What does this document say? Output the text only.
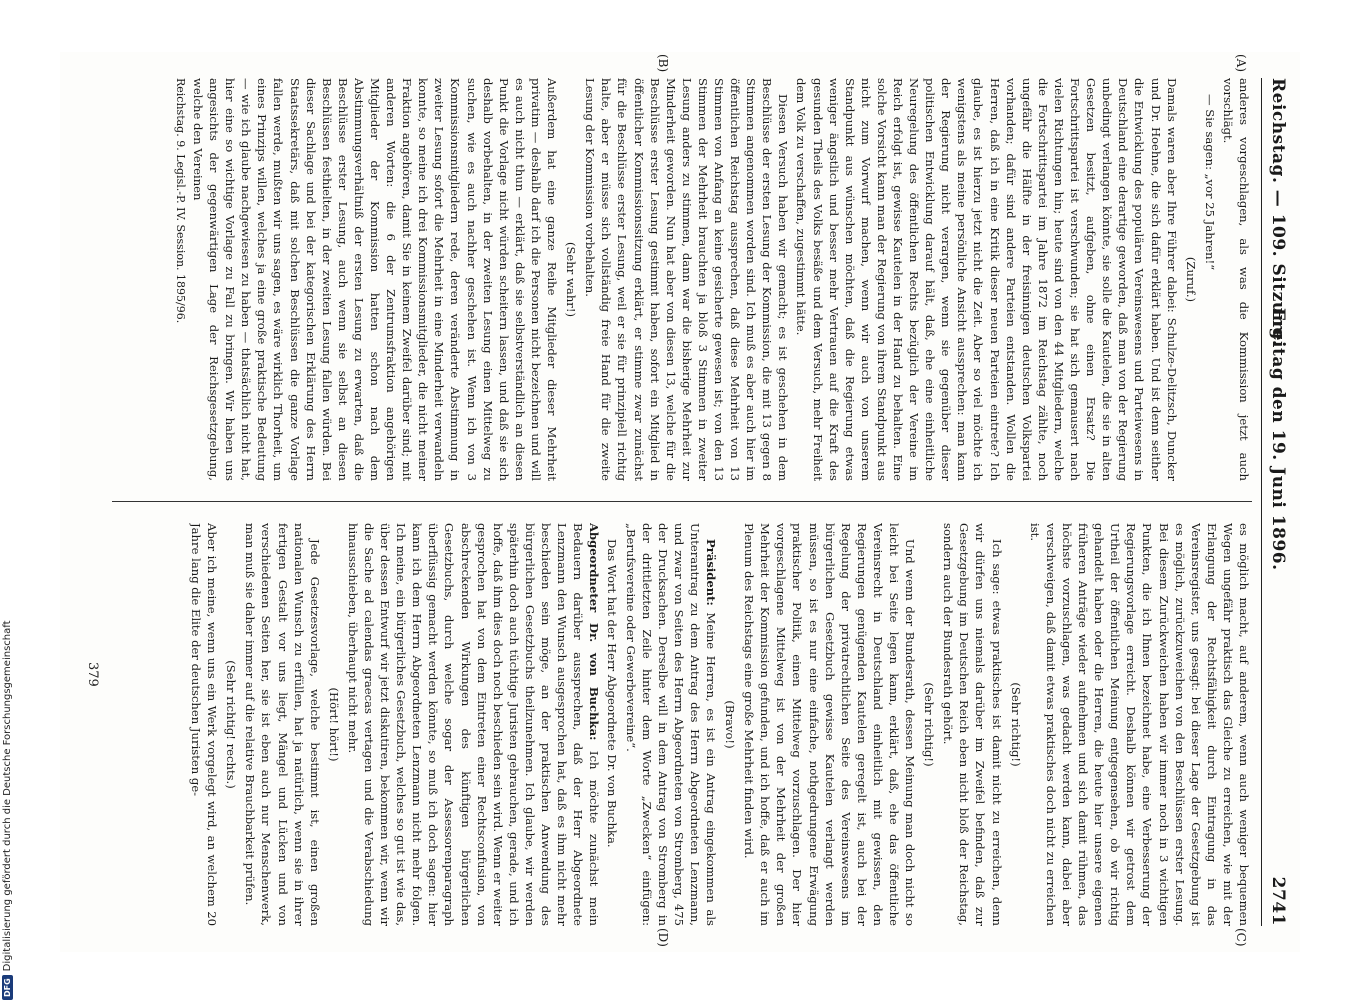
Reichstag. — 109. Sitzung.
Freitag den 19. Juni 1896.
2741
(A)
(B)
(C)
(D)

anderes vorgeschlagen, als was die Kommission jetzt auch vorschlägt.

— Sie sagen: „vor 25 Jahren!“

(Zuruf.)

Damals waren aber Ihre Führer dabei: Schulze-Delitzsch, Duncker und Dr. Hoehne, die sich dafür erklärt haben. Und ist denn seither die Entwicklung des populären Vereinswesens und Parteiwesens in Deutschland eine derartige geworden, daß man von der Regierung unbedingt verlangen könnte, sie solle die Kautelen, die sie in alten Gesetzen besitzt, aufgeben, ohne einen Ersatz? Die Fortschrittspartei ist verschwunden; sie hat sich gemausert nach vielen Richtungen hin; heute sind von den 44 Mitgliedern, welche die Fortschrittspartei im Jahre 1872 im Reichstag zählte, noch ungefähr die Hälfte in der freisinnigen deutschen Volkspartei vorhanden; dafür sind andere Parteien entstanden. Wollen die Herren, daß ich in eine Kritik dieser neuen Parteien eintrete? Ich glaube, es ist hierzu jetzt nicht die Zeit. Aber so viel möchte ich wenigstens als meine persönliche Ansicht aussprechen: man kann der Regierung nicht verargen, wenn sie gegenüber dieser politischen Entwicklung darauf hält, daß, ehe eine einheitliche Neuregelung des öffentlichen Rechts bezüglich der Vereine im Reich erfolgt ist, gewisse Kautelen in der Hand zu behalten. Eine solche Vorsicht kann man der Regierung von ihrem Standpunkt aus nicht zum Vorwurf machen, wenn wir auch von unserem Standpunkt aus wünschen möchten, daß die Regierung etwas weniger ängstlich und besser mehr Vertrauen auf die Kraft des gesunden Theils des Volks besäße und dem Versuch, mehr Freiheit dem Volk zu verschaffen, zugestimmt hätte.

Diesen Versuch haben wir gemacht; es ist geschehen in dem Beschlüsse der ersten Lesung der Kommission, die mit 13 gegen 8 Stimmen angenommen worden sind. Ich muß es aber auch hier im öffentlichen Reichstag aussprechen, daß diese Mehrheit von 13 Stimmen von Anfang an keine gesicherte gewesen ist; von den 13 Stimmen der Mehrheit brauchten ja bloß 3 Stimmen in zweiter Lesung anders zu stimmen, dann war die bisherige Mehrheit zur Minderheit geworden. Nun hat aber von diesen 13, welche für die Beschlüsse erster Lesung gestimmt haben, sofort ein Mitglied in öffentlicher Kommissionssitzung erklärt, er stimme zwar zunächst für die Beschlüsse erster Lesung, weil er sie für prinzipiell richtig halte, aber er müsse sich vollständig freie Hand für die zweite Lesung der Kommission vorbehalten.

(Sehr wahr!)

Außerdem hat eine ganze Reihe Mitglieder dieser Mehrheit privatim — deshalb darf ich die Personen nicht bezeichnen und will es auch nicht thun — erklärt, daß sie selbstverständlich an diesen Punkt die Vorlage nicht würden scheitern lassen, und daß sie sich deshalb vorbehalten, in der zweiten Lesung einen Mittelweg zu suchen, wie es auch nachher geschehen ist. Wenn ich von 3 Kommissionsmitgliedern rede, deren veränderte Abstimmung in zweiter Lesung sofort die Mehrheit in eine Minderheit verwandeln konnte, so meine ich drei Kommissionsmitglieder, die nicht meiner Fraktion angehören, damit Sie in keinem Zweifel darüber sind; mit anderen Worten: die 6 der Zentrumsfraktion angehörigen Mitglieder der Kommission hatten schon nach dem Abstimmungsverhältniß der ersten Lesung zu erwarten, daß die Beschlüsse erster Lesung, auch wenn sie selbst an diesen Beschlüssen festhielten, in der zweiten Lesung fallen würden. Bei dieser Sachlage und bei der kategorischen Erklärung des Herrn Staatssekretärs, daß mit solchen Beschlüssen die ganze Vorlage fallen werde, mußten wir uns sagen, es wäre wirklich Thorheit, um eines Prinzips willen, welches ja eine große praktische Bedeutung — wie ich glaube nachgewiesen zu haben — thatsächlich nicht hat, hier eine so wichtige Vorlage zu Fall zu bringen. Wir haben uns angesichts der gegenwärtigen Lage der Reichsgesetzgebung, welche den Vereinen

Reichstag. 9. Legisl.-P. IV. Session. 1895/96.

es möglich macht, auf anderem, wenn auch weniger bequemen Wegen ungefähr praktisch das Gleiche zu erreichen, wie mit der Erlangung der Rechtsfähigkeit durch Eintragung in das Vereinsregister, uns gesagt: bei dieser Lage der Gesetzgebung ist es möglich, zurückzuweichen von den Beschlüssen erster Lesung. Bei diesem Zurückweichen haben wir immer noch in 3 wichtigen Punkten, die ich Ihnen bezeichnet habe, eine Verbesserung der Regierungsvorlage erreicht. Deshalb können wir getrost dem Urtheil der öffentlichen Meinung entgegensehen, ob wir richtig gehandelt haben oder die Herren, die heute hier unsere eigenen früheren Anträge wieder aufnehmen und sich damit rühmen, das höchste vorzuschlagen, was gedacht werden kann, dabei aber verschweigen, daß damit etwas praktisches doch nicht zu erreichen ist.

(Sehr richtig!)

Ich sage: etwas praktisches ist damit nicht zu erreichen, denn wir dürfen uns niemals darüber im Zweifel befinden, daß zur Gesetzgebung im Deutschen Reich eben nicht bloß der Reichstag, sondern auch der Bundesrath gehört.

(Sehr richtig!)

Und wenn der Bundesrath, dessen Meinung man doch nicht so leicht bei Seite legen kann, erklärt, daß, ehe das öffentliche Vereinsrecht in Deutschland einheitlich mit gewissen, den Regierungen genügenden Kautelen geregelt ist, auch bei der Regelung der privatrechtlichen Seite des Vereinswesens im bürgerlichen Gesetzbuch gewisse Kautelen verlangt werden müssen, so ist es nur eine einfache, nothgedrungene Erwägung praktischer Politik, einen Mittelweg vorzuschlagen. Der hier vorgeschlagene Mittelweg ist von der Mehrheit der großen Mehrheit der Kommission gefunden, und ich hoffe, daß er auch im Plenum des Reichstags eine große Mehrheit finden wird.

(Bravo!)

Präsident: Meine Herren, es ist ein Antrag eingekommen als Unterantrag zu dem Antrag des Herrn Abgeordneten Lenzmann, und zwar von Seiten des Herrn Abgeordneten von Stromberg, 475 der Drucksachen. Derselbe will in dem Antrag von Stromberg in der drittletzten Zeile hinter dem Worte „Zwecken“ einfügen: „Berufsvereine oder Gewerbevereine“.

Das Wort hat der Herr Abgeordnete Dr. von Buchka.

Abgeordneter Dr. von Buchka: Ich möchte zunächst mein Bedauern darüber aussprechen, daß der Herr Abgeordnete Lenzmann den Wunsch ausgesprochen hat, daß es ihm nicht mehr beschieden sein möge, an der praktischen Anwendung des bürgerlichen Gesetzbuchs theilzunehmen. Ich glaube, wir werden späterhin doch auch tüchtige Juristen gebrauchen, gerade, und ich hoffe, daß ihm dies doch noch beschieden sein wird. Wenn er weiter gesprochen hat von dem Eintreten einer Rechtsconfusion, von abschreckenden Wirkungen des künftigen bürgerlichen Gesetzbuchs, durch welche sogar der Assessorenparagraph überflüssig gemacht werden könnte, so muß ich doch sagen: hier kann ich dem Herrn Abgeordneten Lenzmann nicht mehr folgen. Ich meine, ein bürgerliches Gesetzbuch, welches so gut ist wie das, über dessen Entwurf wir jetzt diskutiren, bekommen wir, wenn wir die Sache ad calendas graecas vertagen und die Verabschiedung hinausschieben, überhaupt nicht mehr.

(Hört! hört!)

Jede Gesetzesvorlage, welche bestimmt ist, einen großen nationalen Wunsch zu erfüllen, hat ja natürlich, wenn sie in ihrer fertigen Gestalt vor uns liegt, Mängel und Lücken und von verschiedenen Seiten her, sie ist eben auch nur Menschenwerk, man muß sie daher immer auf die relative Brauchbarkeit prüfen.

(Sehr richtig! rechts.)

Aber ich meine, wenn uns ein Werk vorgelegt wird, an welchem 20 Jahre lang die Elite der deutschen Juristen ge-

379
DFGDigitalisierung gefördert durch die Deutsche Forschungsgemeinschaft
